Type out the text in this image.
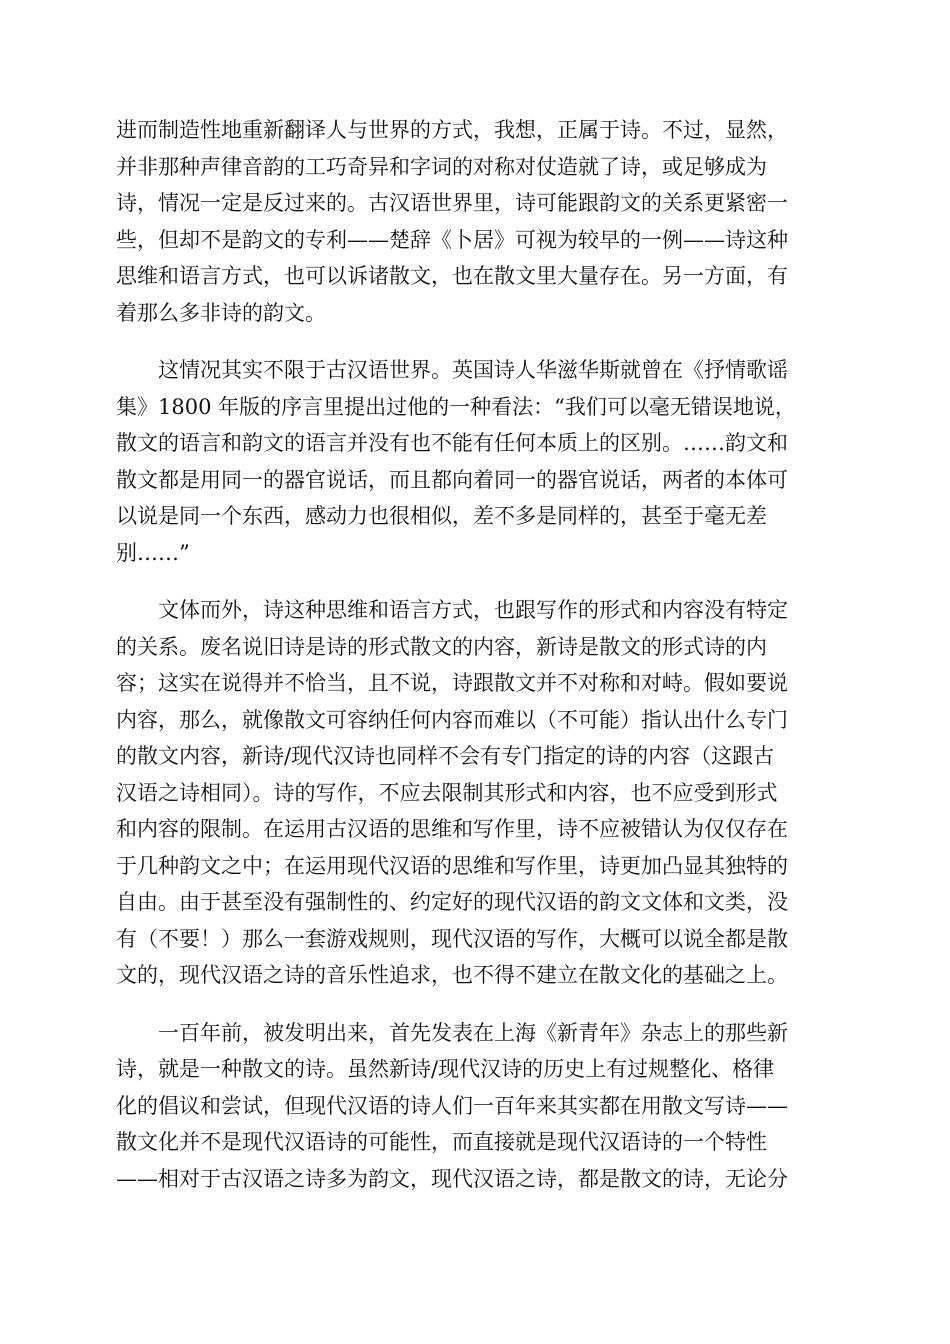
进而制造性地重新翻译人与世界的方式，我想，正属于诗。不过，显然，
并非那种声律音韵的工巧奇异和字词的对称对仗造就了诗，或足够成为
诗，情况一定是反过来的。古汉语世界里，诗可能跟韵文的关系更紧密一
些，但却不是韵文的专利——楚辞《卜居》可视为较早的一例——诗这种
思维和语言方式，也可以诉诸散文，也在散文里大量存在。另一方面，有
着那么多非诗的韵文。
这情况其实不限于古汉语世界。英国诗人华滋华斯就曾在《抒情歌谣
集》1800 年版的序言里提出过他的一种看法：“我们可以毫无错误地说，
散文的语言和韵文的语言并没有也不能有任何本质上的区别。……韵文和
散文都是用同一的器官说话，而且都向着同一的器官说话，两者的本体可
以说是同一个东西，感动力也很相似，差不多是同样的，甚至于毫无差
别……”
文体而外，诗这种思维和语言方式，也跟写作的形式和内容没有特定
的关系。废名说旧诗是诗的形式散文的内容，新诗是散文的形式诗的内
容；这实在说得并不恰当，且不说，诗跟散文并不对称和对峙。假如要说
内容，那么，就像散文可容纳任何内容而难以（不可能）指认出什么专门
的散文内容，新诗/现代汉诗也同样不会有专门指定的诗的内容（这跟古
汉语之诗相同）。诗的写作，不应去限制其形式和内容，也不应受到形式
和内容的限制。在运用古汉语的思维和写作里，诗不应被错认为仅仅存在
于几种韵文之中；在运用现代汉语的思维和写作里，诗更加凸显其独特的
自由。由于甚至没有强制性的、约定好的现代汉语的韵文文体和文类，没
有（不要！）那么一套游戏规则，现代汉语的写作，大概可以说全都是散
文的，现代汉语之诗的音乐性追求，也不得不建立在散文化的基础之上。
一百年前，被发明出来，首先发表在上海《新青年》杂志上的那些新
诗，就是一种散文的诗。虽然新诗/现代汉诗的历史上有过规整化、格律
化的倡议和尝试，但现代汉语的诗人们一百年来其实都在用散文写诗——
散文化并不是现代汉语诗的可能性，而直接就是现代汉语诗的一个特性
——相对于古汉语之诗多为韵文，现代汉语之诗，都是散文的诗，无论分
